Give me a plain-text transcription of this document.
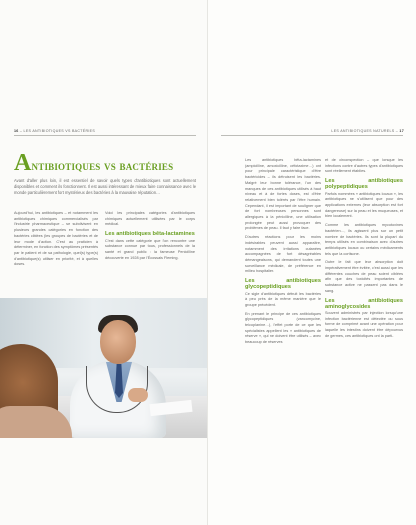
16 – LES ANTIBIOTIQUES VS BACTÉRIES
Antibiotiques vs bactéries

Avant d'aller plus loin, il est essentiel de savoir quels types d'antibiotiques sont actuellement disponibles et comment ils fonctionnent. Il est aussi intéressant de mieux faire connaissance avec le monde particulièrement fort mystérieux des bactéries à la mauvaise réputation…

Aujourd'hui, les antibiotiques – et notamment les antibiotiques chimiques commercialisés par l'industrie pharmaceutique – se subdivisent en plusieurs grandes catégories en fonction des bactéries ciblées (les groupes de bactéries et de leur mode d'action. C'est au praticien à déterminer, en fonction des symptômes présentés par le patient et de sa pathologie, quel(s) type(s) d'antibiotique(s) utiliser en priorité, et à quelles doses.

Voici les principales catégories d'antibiotiques chimiques actuellement utilisées par le corps médical.

Les antibiotiques bêta-lactamines

C'est dans cette catégorie que l'on rencontre une substance connue par tous, professionnels de la santé et grand public : la fameuse Penicilline découverte en 1928 par l'Écossais Fleming.

LES ANTIBIOTIQUES NATURELS – 17

Les antibiotiques bêta-lactamines (ampicilline, amoxicilline, céfotaxime…) ont pour principale caractéristique d'être bactéricides – ils détruisent les bactéries. Malgré leur bonne tolérance, l'un des manques de ces antibiotiques utilisés à haut niveau et à de fortes doses, est d'être relativement bien tolérés par l'être humain. Cependant, il est important de souligner que de fort nombreuses personnes sont allergiques à la pénicilline, une utilisation prolongée peut aussi provoquer des problèmes de peau. Il faut y faire face.

D'autres réactions pour les moins indésirables peuvent aussi apparaître, notamment des irritations cutanées accompagnées de fort désagréables démangeaisons, qui demandent toutes une surveillance médicale, de préférence en milieu hospitalier.

Les antibiotiques glycopeptidiques

Ce sigle d'antibiotiques détruit les bactéries à peu près de la même manière que le groupe précédent.

En prenant le principe de ces antibiotiques glycopeptidiques (vancomycine, teicoplanine…), l'effet porte de ce que les spécialistes appellent les « antibiotiques de réserve », qui ne doivent être utilisés – avec beaucoup de réserves

et de circonspection – que lorsque les infections contre d'autres types d'antibiotiques sont réellement établies.

Les antibiotiques polypeptidiques

Parfois nommées « antibiotiques locaux », les antibiotiques ne s'utilisent que pour des applications externes (leur absorption est fort dangereuse) sur la peau et les muqueuses, et bien localement.

Comme les antibiotiques mycotoxines bactérien…, ils agissent plus sur un petit nombre de bactéries. Ils sont la plupart du temps utilisés en combinaison avec d'autres antibiotiques locaux ou certains médicaments tels que la cortisone.

Outre le fait que leur absorption doit impérativement être évitée, c'est aussi que les différentes couches de peau soient ciblées afin que des toxicités importantes de substance active ne passent pas dans le sang.

Les antibiotiques aminoglycosides

Souvent administrés par injection lorsqu'une infection bactérienne est détectée ou sous forme de comprimé avant une opération pour laquelle les intestins doivent être dépourvus de germes, ces antibiotiques ont la parti-
